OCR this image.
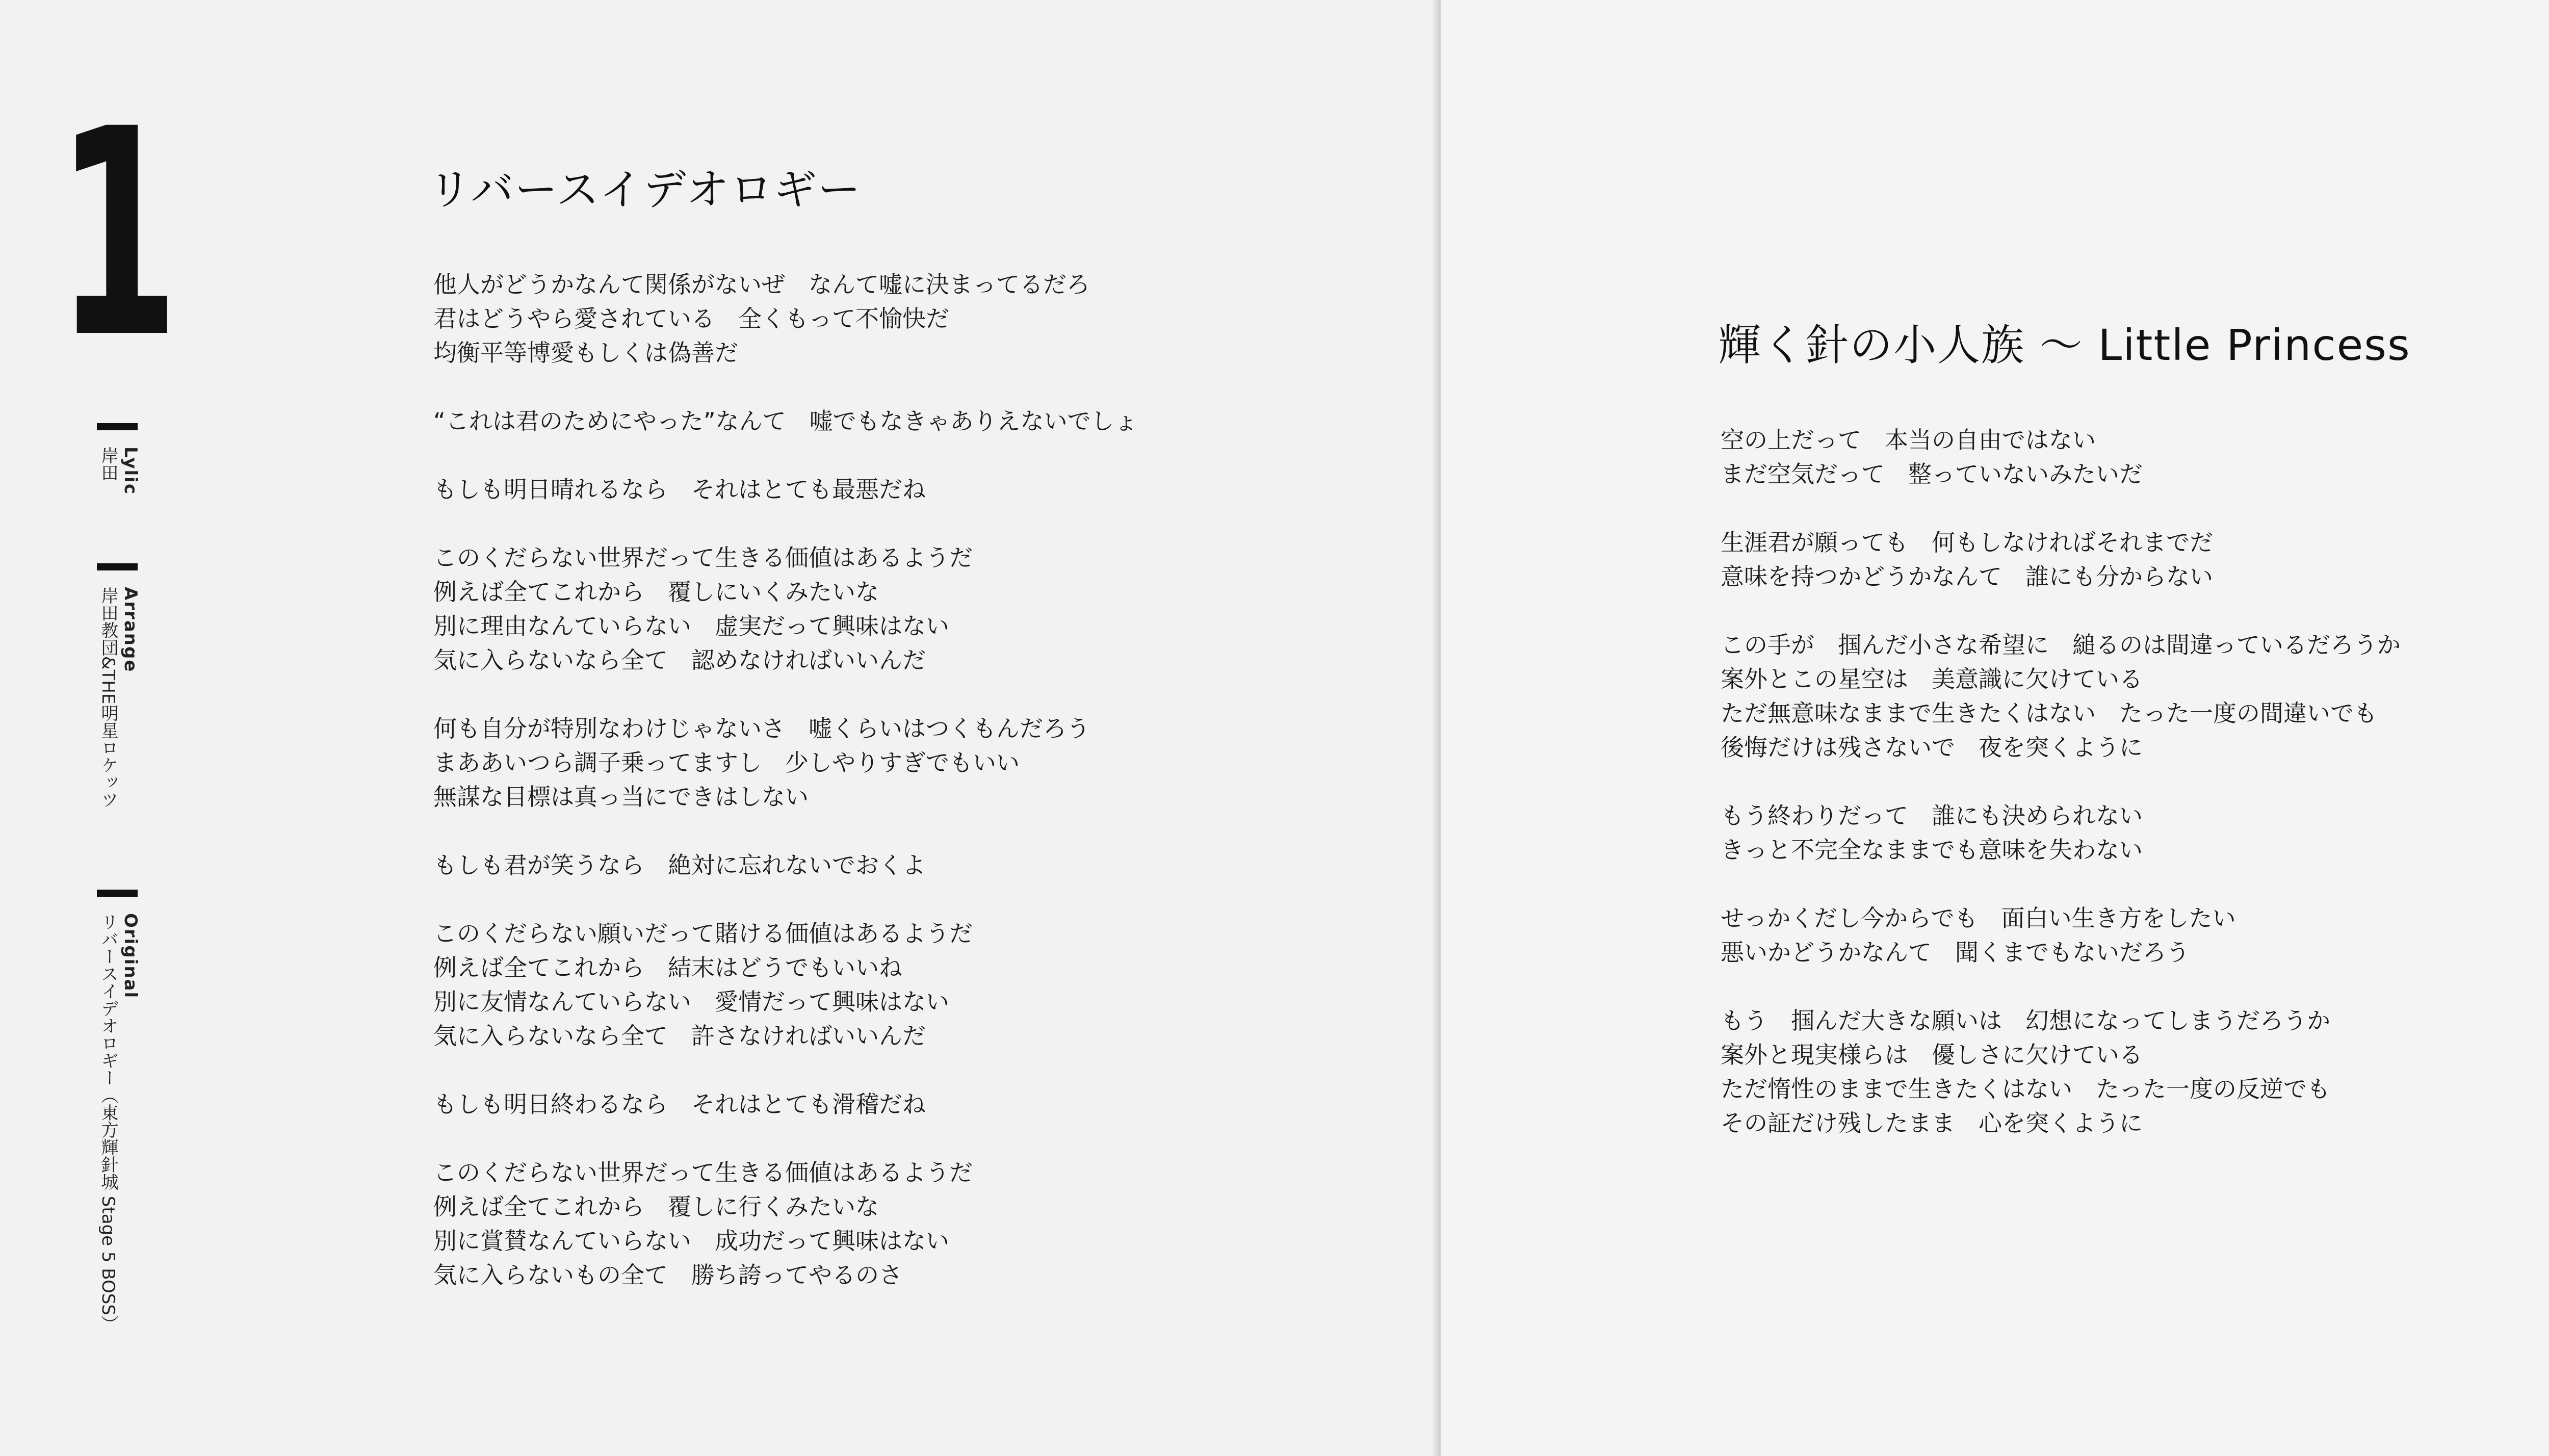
1
Lylic
岸田
Arrange
岸田教団&THE明星ロケッツ
Original
リバースイデオロギー（東方輝針城 Stage 5 BOSS）
リバースイデオロギー
他人がどうかなんて関係がないぜ　なんて嘘に決まってるだろ
君はどうやら愛されている　全くもって不愉快だ
均衡平等博愛もしくは偽善だ
“これは君のためにやった”なんて　嘘でもなきゃありえないでしょ
もしも明日晴れるなら　それはとても最悪だね
このくだらない世界だって生きる価値はあるようだ
例えば全てこれから　覆しにいくみたいな
別に理由なんていらない　虚実だって興味はない
気に入らないなら全て　認めなければいいんだ
何も自分が特別なわけじゃないさ　嘘くらいはつくもんだろう
まああいつら調子乗ってますし　少しやりすぎでもいい
無謀な目標は真っ当にできはしない
もしも君が笑うなら　絶対に忘れないでおくよ
このくだらない願いだって賭ける価値はあるようだ
例えば全てこれから　結末はどうでもいいね
別に友情なんていらない　愛情だって興味はない
気に入らないなら全て　許さなければいいんだ
もしも明日終わるなら　それはとても滑稽だね
このくだらない世界だって生きる価値はあるようだ
例えば全てこれから　覆しに行くみたいな
別に賞賛なんていらない　成功だって興味はない
気に入らないもの全て　勝ち誇ってやるのさ
輝く針の小人族 〜 Little Princess
空の上だって　本当の自由ではない
まだ空気だって　整っていないみたいだ
生涯君が願っても　何もしなければそれまでだ
意味を持つかどうかなんて　誰にも分からない
この手が　掴んだ小さな希望に　縋るのは間違っているだろうか
案外とこの星空は　美意識に欠けている
ただ無意味なままで生きたくはない　たった一度の間違いでも
後悔だけは残さないで　夜を突くように
もう終わりだって　誰にも決められない
きっと不完全なままでも意味を失わない
せっかくだし今からでも　面白い生き方をしたい
悪いかどうかなんて　聞くまでもないだろう
もう　掴んだ大きな願いは　幻想になってしまうだろうか
案外と現実様らは　優しさに欠けている
ただ惰性のままで生きたくはない　たった一度の反逆でも
その証だけ残したまま　心を突くように
